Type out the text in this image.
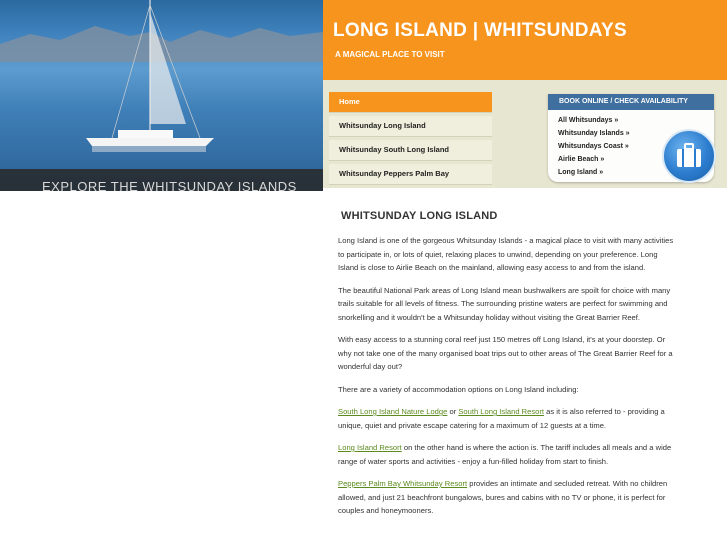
EXPLORE THE WHITSUNDAY ISLANDS
LONG ISLAND | WHITSUNDAYS
A MAGICAL PLACE TO VISIT
Home
Whitsunday Long Island
Whitsunday South Long Island
Whitsunday Peppers Palm Bay
BOOK ONLINE / CHECK AVAILABILITY
All Whitsundays »
Whitsunday Islands »
Whitsundays Coast »
Airlie Beach »
Long Island »
WHITSUNDAY LONG ISLAND

Long Island is one of the gorgeous Whitsunday Islands - a magical place to visit with many activities to participate in, or lots of quiet, relaxing places to unwind, depending on your preference. Long Island is close to Airlie Beach on the mainland, allowing easy access to and from the island.

The beautiful National Park areas of Long Island mean bushwalkers are spoilt for choice with many trails suitable for all levels of fitness. The surrounding pristine waters are perfect for swimming and snorkelling and it wouldn't be a Whitsunday holiday without visiting the Great Barrier Reef.

With easy access to a stunning coral reef just 150 metres off Long Island, it's at your doorstep. Or why not take one of the many organised boat trips out to other areas of The Great Barrier Reef for a wonderful day out?

There are a variety of accommodation options on Long Island including:

South Long Island Nature Lodge or South Long Island Resort as it is also referred to - providing a unique, quiet and private escape catering for a maximum of 12 guests at a time.

Long Island Resort on the other hand is where the action is. The tariff includes all meals and a wide range of water sports and activities - enjoy a fun-filled holiday from start to finish.

Peppers Palm Bay Whitsunday Resort provides an intimate and secluded retreat. With no children allowed, and just 21 beachfront bungalows, bures and cabins with no TV or phone, it is perfect for couples and honeymooners.
